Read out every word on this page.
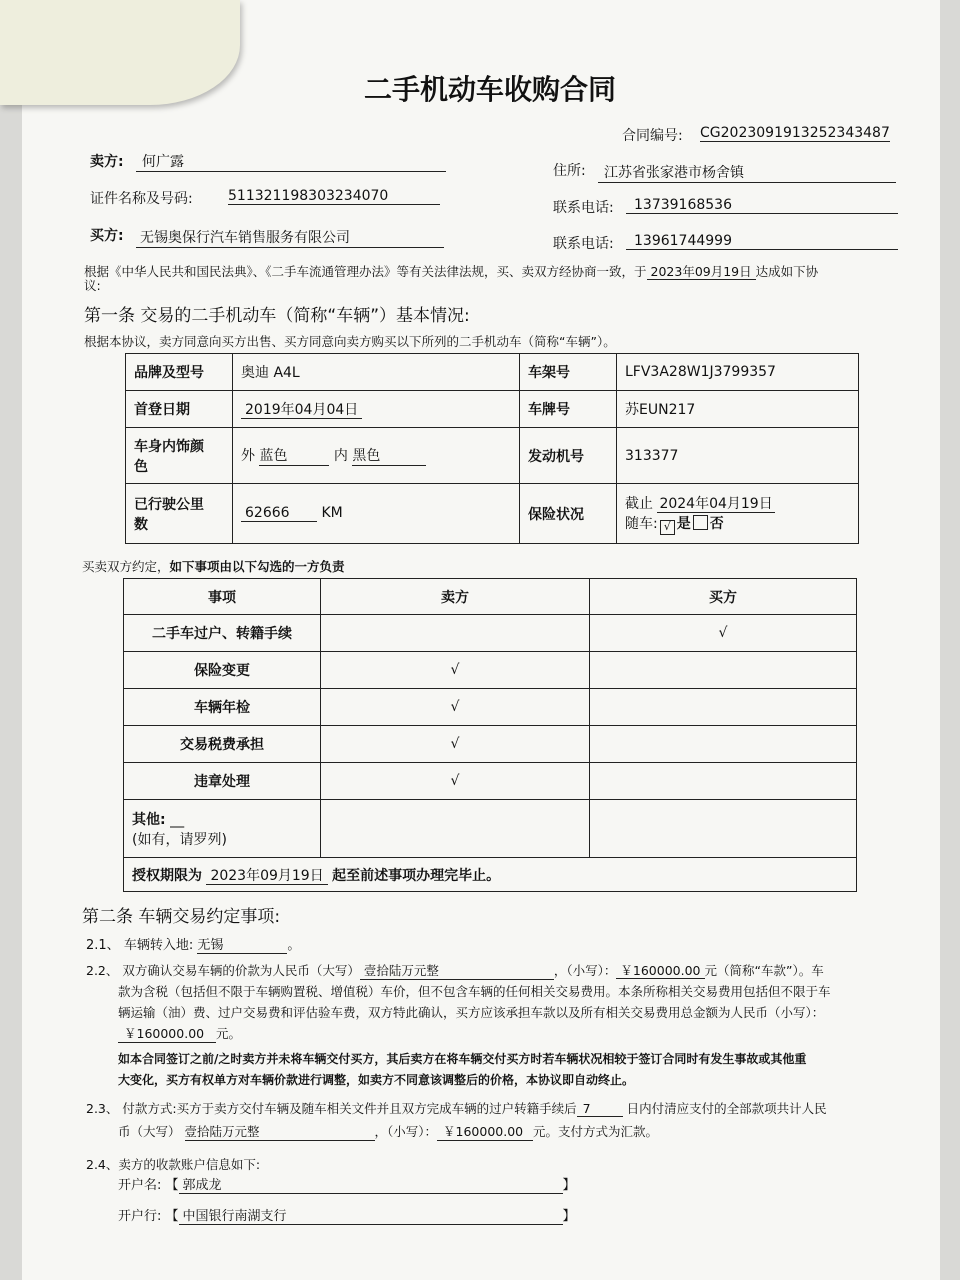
二手机动车收购合同
合同编号: CG2023091913252343487
卖方:	何广露
住所:	江苏省张家港市杨舍镇
证件名称及号码:	511321198303234070
联系电话:	13739168536
买方: 无锡奥保行汽车销售服务有限公司	联系电话:	13961744999
根据《中华人民共和国民法典》、《二手车流通管理办法》等有关法律法规，买、卖双方经协商一致，于 2023年09月19日 达成如下协
议:
第一条 交易的二手机动车（简称“车辆”）基本情况:
根据本协议，卖方同意向买方出售、买方同意向卖方购买以下所列的二手机动车（简称“车辆”）。
品牌及型号	奥迪 A4L	车架号	LFV3A28W1J3799357
首登日期	2019年04月04日	车牌号	苏EUN217
车身内饰颜
色	外 蓝色 内 黑色	发动机号	313377
已行驶公里
数	62666 KM	保险状况	截止 2024年04月19日
随车: √ 是 否
买卖双方约定，如下事项由以下勾选的一方负责
事项	卖方	买方
二手车过户、转籍手续		√
保险变更	√	
车辆年检	√	
交易税费承担	√	
违章处理	√	
其他: __
(如有，请罗列)		
授权期限为 2023年09月19日 起至前述事项办理完毕止。		
第二条 车辆交易约定事项:
2.1、 车辆转入地: 无锡	。
2.2、 双方确认交易车辆的价款为人民币（大写） 壹拾陆万元整	，（小写）： ￥160000.00 元（简称“车款”）。车
款为含税（包括但不限于车辆购置税、增值税）车价，但不包含车辆的任何相关交易费用。本条所称相关交易费用包括但不限于车
辆运输（油）费、过户交易费和评估验车费，双方特此确认，买方应该承担车款以及所有相关交易费用总金额为人民币（小写）：
￥160000.00 元。
如本合同签订之前/之时卖方并未将车辆交付买方，其后卖方在将车辆交付买方时若车辆状况相较于签订合同时有发生事故或其他重
大变化，买方有权单方对车辆价款进行调整，如卖方不同意该调整后的价格，本协议即自动终止。
2.3、 付款方式:买方于卖方交付车辆及随车相关文件并且双方完成车辆的过户转籍手续后 7	日内付清应支付的全部款项共计人民
币（大写） 壹拾陆万元整	，（小写）： ￥160000.00 元。支付方式为汇款。
2.4、卖方的收款账户信息如下:
开户名: 【 郭成龙	】
开户行: 【 中国银行南湖支行	】
